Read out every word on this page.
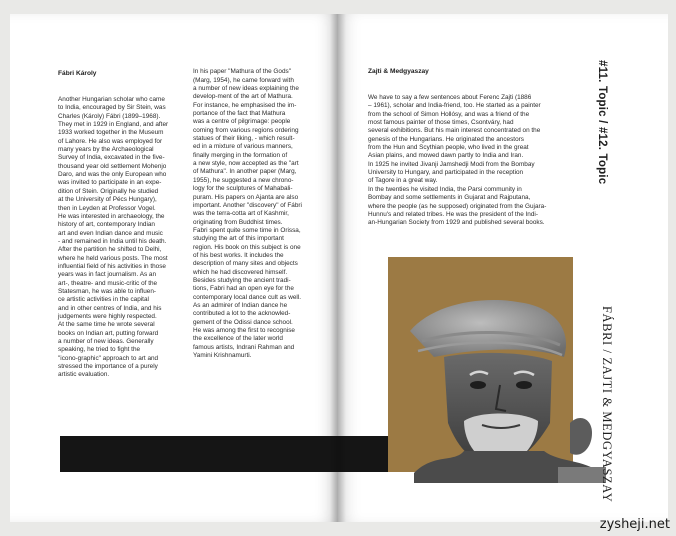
Fábri Károly

Another Hungarian scholar who came
to India, encouraged by Sir Stein, was
Charles (Károly) Fábri (1899–1968).
They met in 1929 in England, and after
1933 worked together in the Museum
of Lahore. He also was employed for
many years by the Archaeological
Survey of India, excavated in the five-
thousand year old settlement Mohenjo
Daro, and was the only European who
was invited to participate in an expe-
dition of Stein. Originally he studied
at the University of Pécs Hungary),
then in Leyden at Professor Vogel.
He was interested in archaeology, the
history of art, contemporary Indian
art and even Indian dance and music
- and remained in India until his death.
After the partition he shifted to Delhi,
where he held various posts. The most
influential field of his activities in those
years was in fact journalism. As an
art-, theatre- and music-critic of the
Statesman, he was able to influen-
ce artistic activities in the capital
and in other centres of India, and his
judgements were highly respected.
At the same time he wrote several
books on Indian art, putting forward
a number of new ideas. Generally
speaking, he tried to fight the
"icono-graphic" approach to art and
stressed the importance of a purely
artistic evaluation.

In his paper "Mathura of the Gods"
(Marg, 1954), he came forward with
a number of new ideas explaining the
develop-ment of the art of Mathura.
For instance, he emphasised the im-
portance of the fact that Mathura
was a centre of pilgrimage: people
coming from various regions ordering
statues of their liking, - which result-
ed in a mixture of various manners,
finally merging in the formation of
a new style, now accepted as the "art
of Mathura". In another paper (Marg,
1955), he suggested a new chrono-
logy for the sculptures of Mahabali-
puram. His papers on Ajanta are also
important. Another "discovery" of Fábri
was the terra-cotta art of Kashmir,
originating from Buddhist times.
Fabri spent quite some time in Orissa,
studying the art of this important
region. His book on this subject is one
of his best works. It includes the
description of many sites and objects
which he had discovered himself.
Besides studying the ancient tradi-
tions, Fabri had an open eye for the
contemporary local dance cult as well.
As an admirer of Indian dance he
contributed a lot to the acknowled-
gement of the Odissi dance school.
He was among the first to recognise
the excellence of the later world
famous artists, Indrani Rahman and
Yamini Krishnamurti.

Zajti & Medgyaszay

We have to say a few sentences about Ferenc Zajti (1886
– 1961), scholar and India-friend, too. He started as a painter
from the school of Simon Hollósy, and was a friend of the
most famous painter of those times, Csontváry, had
several exhibitions. But his main interest concentrated on the
genesis of the Hungarians. He originated the ancestors
from the Hun and Scythian people, who lived in the great
Asian plains, and mowed dawn partly to India and Iran.
In 1925 he invited Jivanji Jamshedji Modi from the Bombay
University to Hungary, and participated in the reception
of Tagore in a great way.
In the twenties he visited India, the Parsi community in
Bombay and some settlements in Gujarat and Rajputana,
where the people (as he supposed) originated from the Gujara-
Hunnu's and related tribes. He was the president of the Indi-
an-Hungarian Society from 1929 and published several books.

#11. Topic / #12. Topic
FÁBRI / ZAJTI & MEDGYASZAY
zysheji.net
